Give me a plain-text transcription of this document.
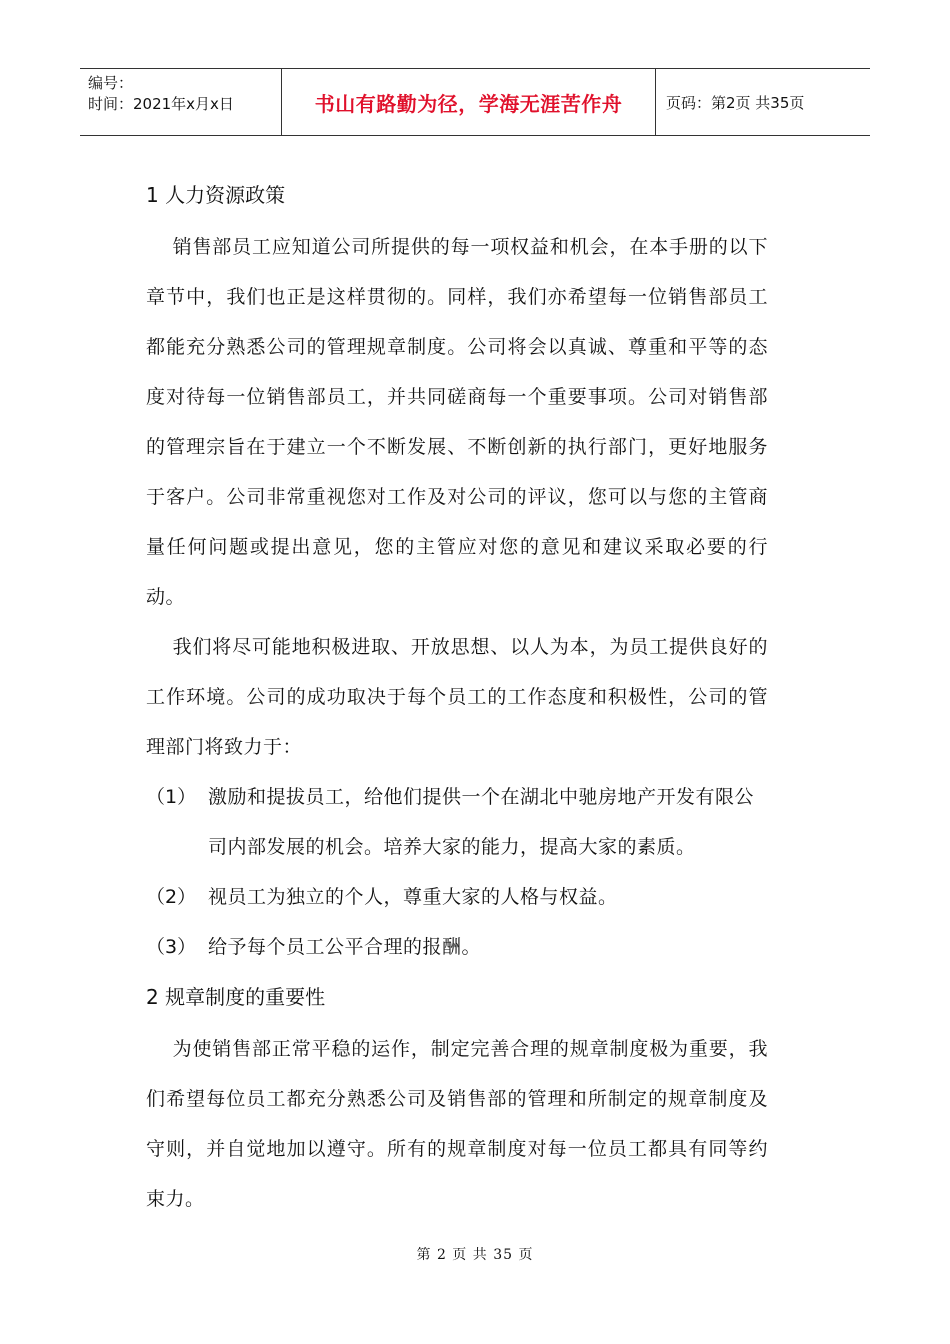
编号：
时间：2021年x月x日	书山有路勤为径，学海无涯苦作舟	页码：第2页 共35页
1 人力资源政策

销售部员工应知道公司所提供的每一项权益和机会，在本手册的以下章节中，我们也正是这样贯彻的。同样，我们亦希望每一位销售部员工都能充分熟悉公司的管理规章制度。公司将会以真诚、尊重和平等的态度对待每一位销售部员工，并共同磋商每一个重要事项。公司对销售部的管理宗旨在于建立一个不断发展、不断创新的执行部门，更好地服务于客户。公司非常重视您对工作及对公司的评议，您可以与您的主管商量任何问题或提出意见，您的主管应对您的意见和建议采取必要的行动。

我们将尽可能地积极进取、开放思想、以人为本，为员工提供良好的工作环境。公司的成功取决于每个员工的工作态度和积极性，公司的管理部门将致力于：

（1） 激励和提拔员工，给他们提供一个在湖北中驰房地产开发有限公司内部发展的机会。培养大家的能力，提高大家的素质。
（2） 视员工为独立的个人，尊重大家的人格与权益。
（3） 给予每个员工公平合理的报酬。
2 规章制度的重要性

为使销售部正常平稳的运作，制定完善合理的规章制度极为重要，我们希望每位员工都充分熟悉公司及销售部的管理和所制定的规章制度及守则，并自觉地加以遵守。所有的规章制度对每一位员工都具有同等约束力。

第 2 页 共 35 页
